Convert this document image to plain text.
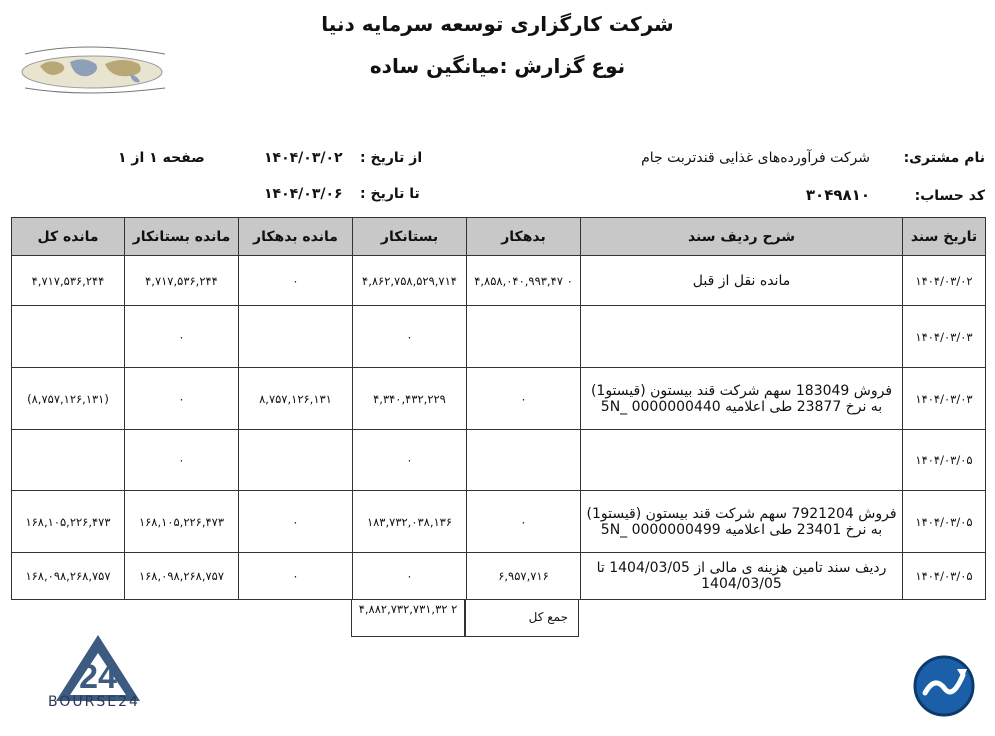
شرکت کارگزاری توسعه سرمایه دنیا
نوع گزارش :میانگین ساده
نام مشتری:
شرکت فرآورده‌های غذایی قندتربت جام
کد حساب:
۳۰۴۹۸۱۰
از تاریخ :
۱۴۰۴/۰۳/۰۲
تا تاریخ :
۱۴۰۴/۰۳/۰۶
صفحه ۱ از ۱
تاریخ سند	شرح ردیف سند	بدهکار	بستانکار	مانده بدهکار	مانده بستانکار	مانده کل
۱۴۰۴/۰۳/۰۲	مانده نقل از قبل	۴,۸۵۸,۰۴۰,۹۹۳,۴۷ ۰	۴,۸۶۲,۷۵۸,۵۲۹,۷۱۴	۰	۴,۷۱۷,۵۳۶,۲۴۴	۴,۷۱۷,۵۳۶,۲۴۴
۱۴۰۴/۰۳/۰۳			۰		۰	
۱۴۰۴/۰۳/۰۳	فروش 183049 سهم شرکت قند بیستون (قیستو1) به نرخ 23877 طی اعلامیه 5N_ 0000000440	۰	۴,۳۴۰,۴۳۲,۲۲۹	۸,۷۵۷,۱۲۶,۱۳۱	۰	(۸,۷۵۷,۱۲۶,۱۳۱)
۱۴۰۴/۰۳/۰۵			۰		۰	
۱۴۰۴/۰۳/۰۵	فروش 7921204 سهم شرکت قند بیستون (قیستو1) به نرخ 23401 طی اعلامیه 5N_ 0000000499	۰	۱۸۳,۷۳۲,۰۳۸,۱۳۶	۰	۱۶۸,۱۰۵,۲۲۶,۴۷۳	۱۶۸,۱۰۵,۲۲۶,۴۷۳
۱۴۰۴/۰۳/۰۵	ردیف سند تامین هزینه ی مالی از 1404/03/05 تا 1404/03/05	۶,۹۵۷,۷۱۶	۰	۰	۱۶۸,۰۹۸,۲۶۸,۷۵۷	۱۶۸,۰۹۸,۲۶۸,۷۵۷
جمع کل
۴,۸۸۲,۷۳۲,۷۳۱,۳۲ ۲
24
BOURSE24
